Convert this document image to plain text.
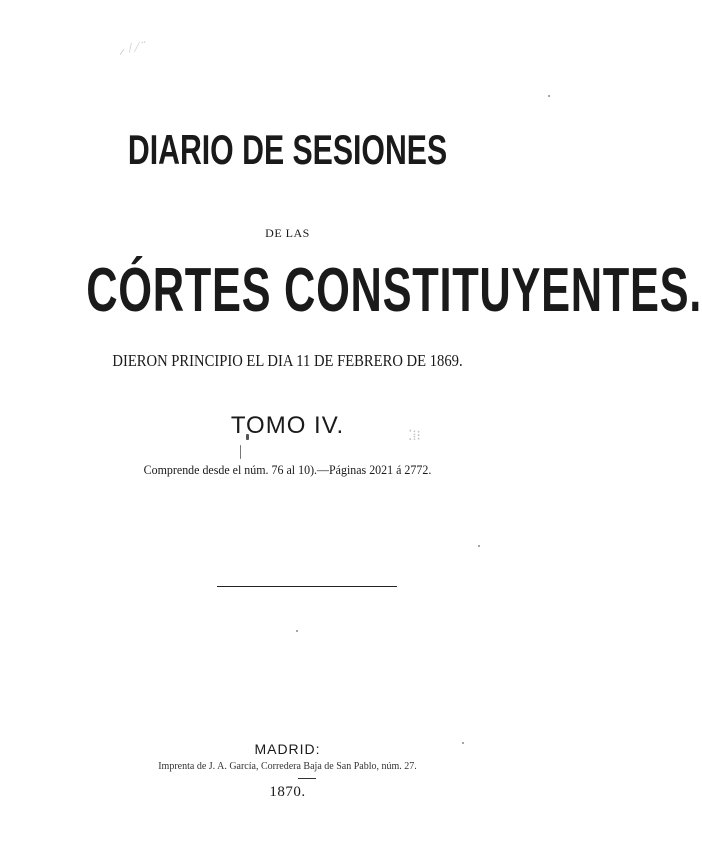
⸝ / ⁄ ¨
⁚⁞⁝
DIARIO DE SESIONES

DE LAS

CÓRTES CONSTITUYENTES.

DIERON PRINCIPIO EL DIA 11 DE FEBRERO DE 1869.

TOMO IV.

Comprende desde el núm. 76 al 10).—Páginas 2021 á 2772.

MADRID:

Imprenta de J. A. García, Corredera Baja de San Pablo, núm. 27.

1870.
